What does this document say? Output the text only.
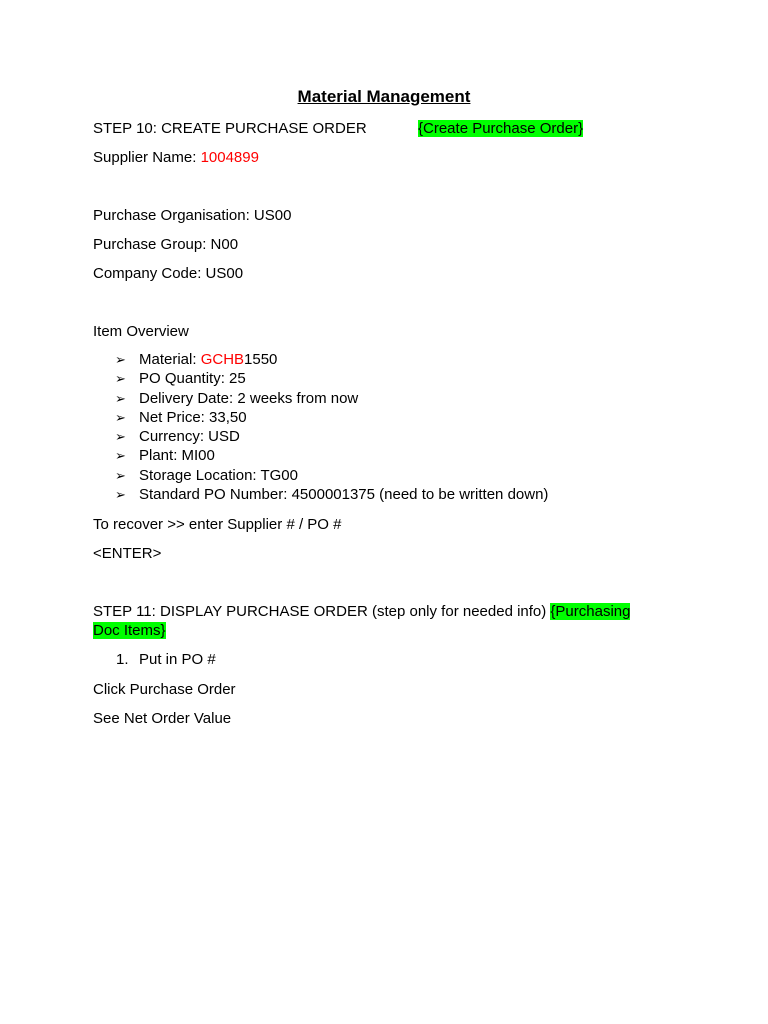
Material Management
STEP 10: CREATE PURCHASE ORDER	{Create Purchase Order}
Supplier Name: 1004899
Purchase Organisation: US00
Purchase Group: N00
Company Code: US00
Item Overview
➢ Material: GCHB1550
➢ PO Quantity: 25
➢ Delivery Date: 2 weeks from now
➢ Net Price: 33,50
➢ Currency: USD
➢ Plant: MI00
➢ Storage Location: TG00
➢ Standard PO Number: 4500001375 (need to be written down)
To recover >> enter Supplier # / PO #
<ENTER>
STEP 11: DISPLAY PURCHASE ORDER (step only for needed info) {Purchasing Doc Items}
1. Put in PO #
Click Purchase Order
See Net Order Value
